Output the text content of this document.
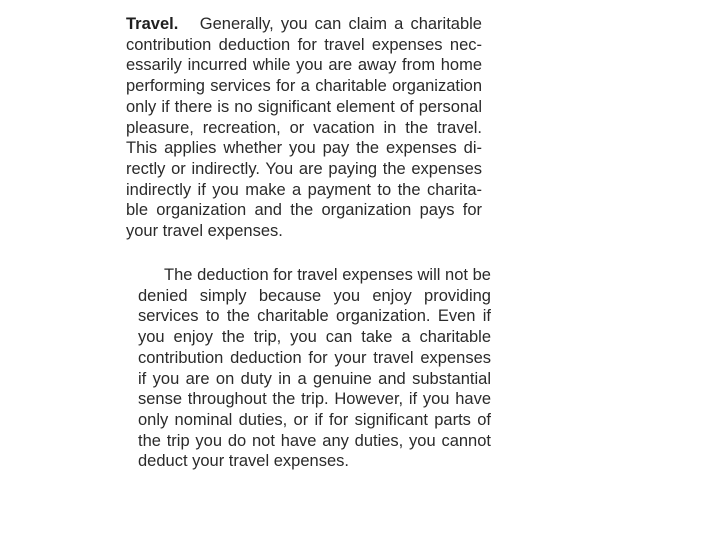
Travel. Generally, you can claim a charitable
contribution deduction for travel expenses nec-
essarily incurred while you are away from home
performing services for a charitable organization
only if there is no significant element of personal
pleasure, recreation, or vacation in the travel.
This applies whether you pay the expenses di-
rectly or indirectly. You are paying the expenses
indirectly if you make a payment to the charita-
ble organization and the organization pays for
your travel expenses.
The deduction for travel expenses will not be
denied simply because you enjoy providing
services to the charitable organization. Even if
you enjoy the trip, you can take a charitable
contribution deduction for your travel expenses
if you are on duty in a genuine and substantial
sense throughout the trip. However, if you have
only nominal duties, or if for significant parts of
the trip you do not have any duties, you cannot
deduct your travel expenses.
